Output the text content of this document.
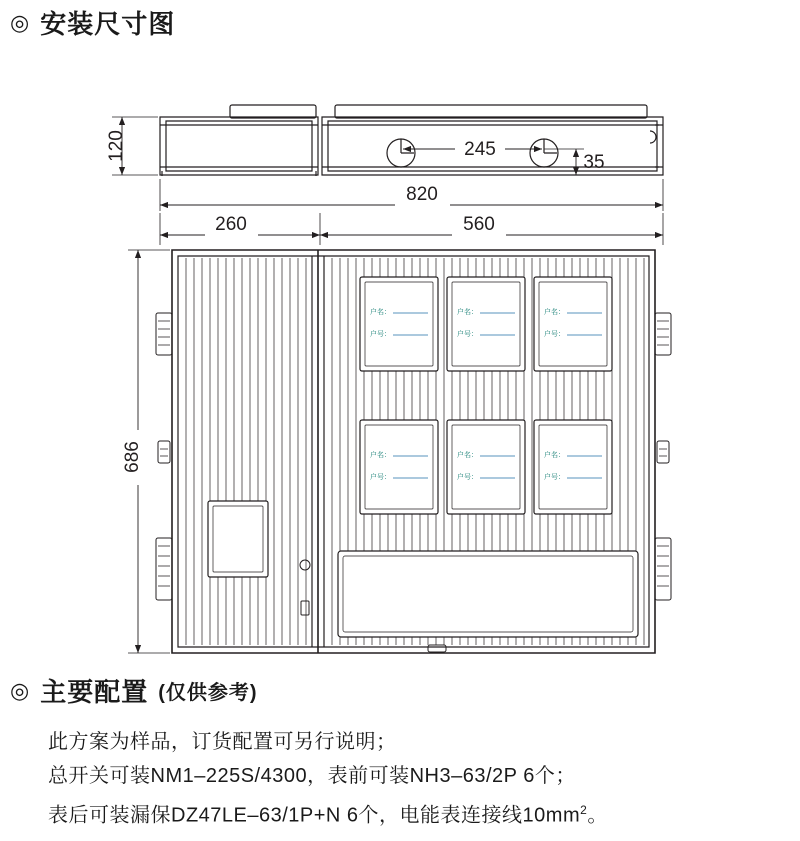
◎ 安装尺寸图
◎ 主要配置 (仅供参考)
此方案为样品，订货配置可另行说明；
总开关可装NM1–225S/4300，表前可装NH3–63/2P 6个；
表后可装漏保DZ47LE–63/1P+N 6个，电能表连接线$10mm^2$。
户名：
户号：
户名：
户号：
户名：
户号：
户名：
户号：
户名：
户号：
户名：
户号：
120	245
35
820
260	560
686
